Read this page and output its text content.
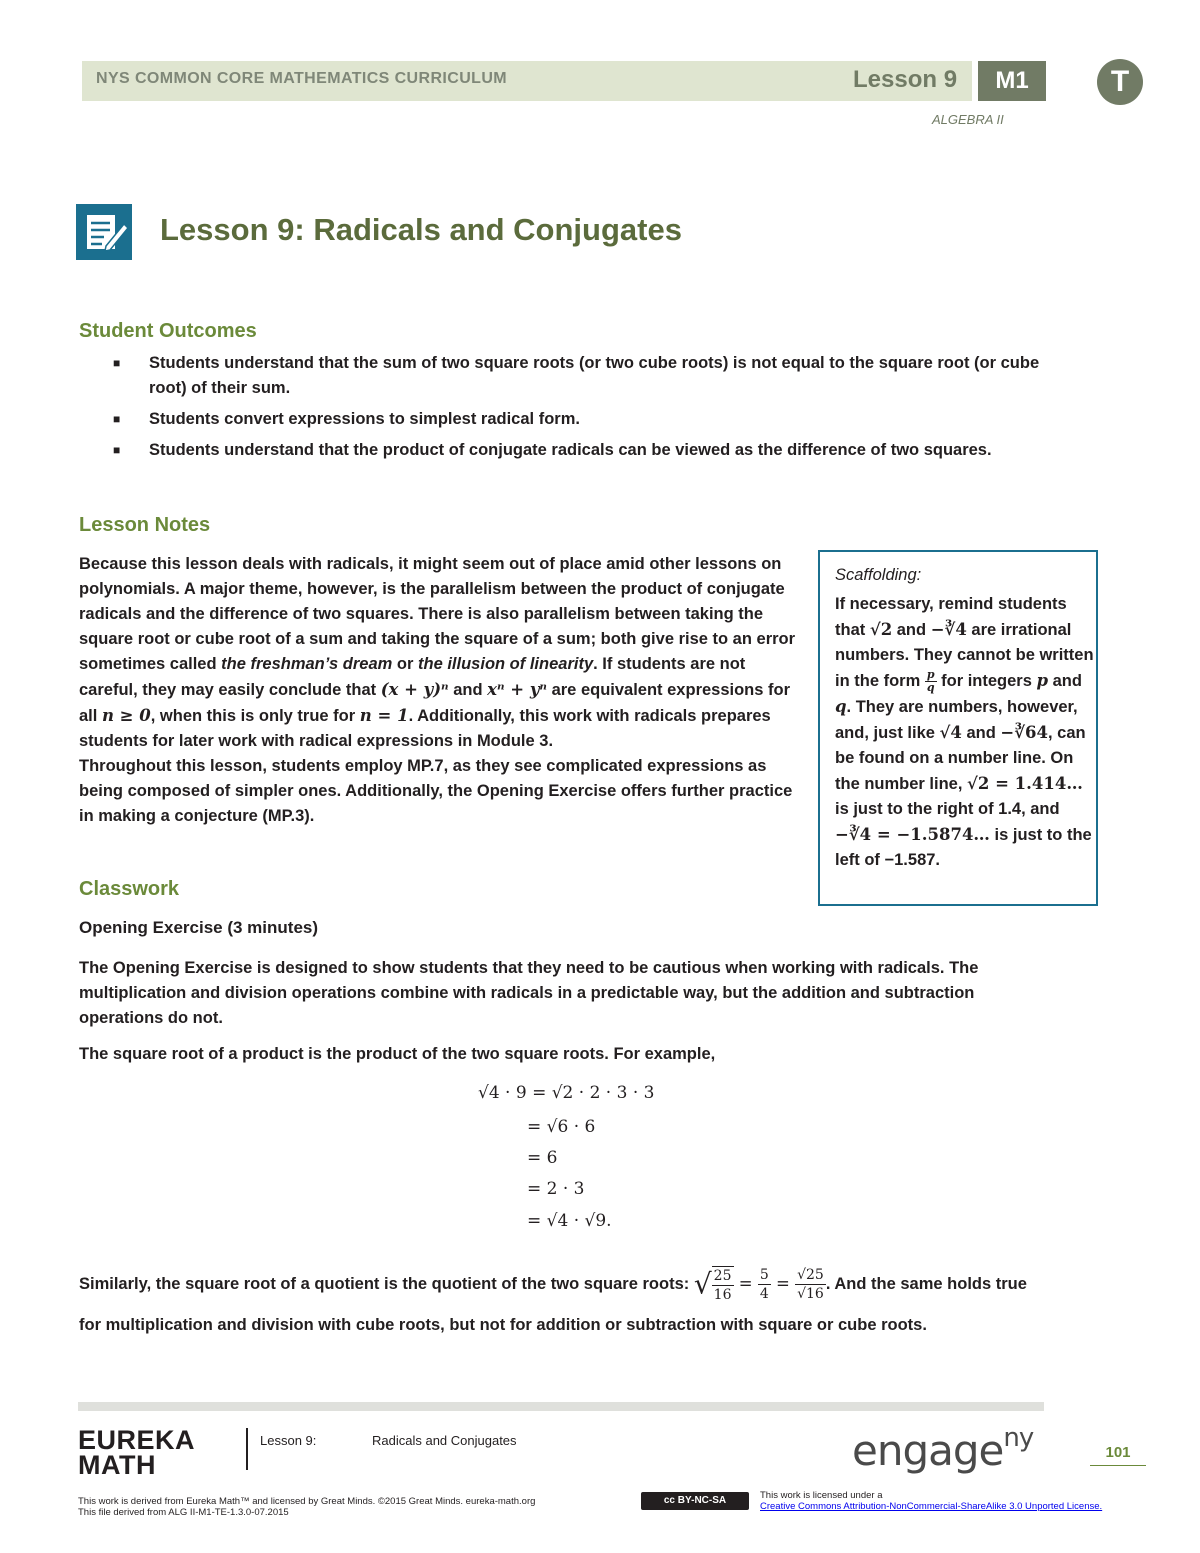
NYS COMMON CORE MATHEMATICS CURRICULUM	Lesson 9	M1	T
ALGEBRA II
Lesson 9: Radicals and Conjugates
Student Outcomes
■ Students understand that the sum of two square roots (or two cube roots) is not equal to the square root (or cube root) of their sum.
■ Students convert expressions to simplest radical form.
■ Students understand that the product of conjugate radicals can be viewed as the difference of two squares.
Lesson Notes
Because this lesson deals with radicals, it might seem out of place amid other lessons on polynomials. A major theme, however, is the parallelism between the product of conjugate radicals and the difference of two squares. There is also parallelism between taking the square root or cube root of a sum and taking the square of a sum; both give rise to an error sometimes called the freshman’s dream or the illusion of linearity. If students are not careful, they may easily conclude that (x + y)ⁿ and xⁿ + yⁿ are equivalent expressions for all n ≥ 0, when this is only true for n = 1. Additionally, this work with radicals prepares students for later work with radical expressions in Module 3.
Throughout this lesson, students employ MP.7, as they see complicated expressions as being composed of simpler ones. Additionally, the Opening Exercise offers further practice in making a conjecture (MP.3).
Scaffolding:
If necessary, remind students that √2 and −∛4 are irrational numbers. They cannot be written in the form $\frac{p}{q}$ for integers p and q. They are numbers, however, and, just like √4 and −∛64, can be found on a number line. On the number line, √2 = 1.414… is just to the right of 1.4, and −∛4 = −1.5874… is just to the left of −1.587.
Classwork
Opening Exercise (3 minutes)
The Opening Exercise is designed to show students that they need to be cautious when working with radicals. The multiplication and division operations combine with radicals in a predictable way, but the addition and subtraction operations do not.
The square root of a product is the product of the two square roots. For example,
√4 · 9 = √2 · 2 · 3 · 3
= √6 · 6
= 6
= 2 · 3
= √4 · √9.
Similarly, the square root of a quotient is the quotient of the two square roots: √ $\frac{25}{16} = \frac{5}{4} = \frac{√25}{√16}$ . And the same holds true for multiplication and division with cube roots, but not for addition or subtraction with square or cube roots.
EUREKA
MATH
Lesson 9:	Radicals and Conjugates	engage$^{ny}$	101
This work is derived from Eureka Math™ and licensed by Great Minds. ©2015 Great Minds. eureka-math.org
This file derived from ALG II-M1-TE-1.3.0-07.2015
cc BY-NC-SA	This work is licensed under a
Creative Commons Attribution-NonCommercial-ShareAlike 3.0 Unported License.
